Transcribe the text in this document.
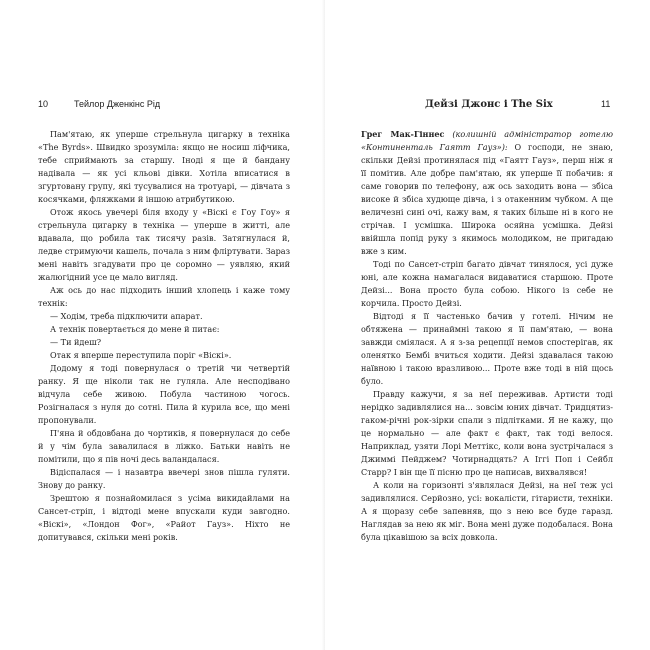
10	Тейлор Дженкінс Рід

Пам'ятаю, як уперше стрельнула цигарку в техніка «The Byrds». Швидко зрозуміла: якщо не носиш ліфчика, тебе сприймають за старшу. Іноді я ще й бандану надівала — як усі кльові дівки. Хотіла вписатися в згуртовану групу, які тусувалися на тротуарі, — дівчата з косячками, фляжками й іншою атрибутикою.

Отож якось увечері біля входу у «Віскі є Гоу Гоу» я стрельнула цигарку в техніка — уперше в житті, але вдавала, що робила так тисячу разів. Затягнулася й, ледве стримуючи кашель, почала з ним фліртувати. Зараз мені навіть згадувати про це соромно — уявляю, який жалюгідний усе це мало вигляд.

Аж ось до нас підходить інший хлопець і каже тому технік:

— Ходім, треба підключити апарат.

А технік повертається до мене й питає:

— Ти йдеш?

Отак я вперше переступила поріг «Віскі».

Додому я тоді повернулася о третій чи четвертій ранку. Я ще ніколи так не гуляла. Але несподівано відчула себе живою. Побула частиною чогось. Розігналася з нуля до сотні. Пила й курила все, що мені пропонували.

П'яна й обдовбана до чортиків, я повернулася до себе й у чім була завалилася в ліжко. Батьки навіть не помітили, що я пів ночі десь валандалася.

Відіспалася — і назавтра ввечері знов пішла гуляти. Знову до ранку.

Зрештою я познайомилася з усіма викидайлами на Сансет-стріп, і відтоді мене впускали куди завгодно. «Віскі», «Лондон Фог», «Райот Гауз». Ніхто не допитувався, скільки мені років.

Дейзі Джонс і The Six	11

Грег Мак-Гіннес (колишній адміністратор готелю «Континенталь Гаятт Гауз»): О господи, не знаю, скільки Дейзі протинялася під «Гаятт Гауз», перш ніж я її помітив. Але добре пам'ятаю, як уперше її побачив: я саме говорив по телефону, аж ось заходить вона — збіса високе й збіса худюще дівча, і з отакенним чубком. А ще величезні сині очі, кажу вам, я таких більше ні в кого не стрічав. І усмішка. Широка осяйна усмішка. Дейзі ввійшла попід руку з якимось молодиком, не пригадаю вже з ким.

Тоді по Сансет-стріп багато дівчат тинялося, усі дуже юні, але кожна намагалася видаватися старшою. Проте Дейзі... Вона просто була собою. Нікого із себе не корчила. Просто Дейзі.

Відтоді я її частенько бачив у готелі. Нічим не обтяжена — принаймні такою я її пам'ятаю, — вона завжди сміялася. А я з-за рецепції немов спостерігав, як оленятко Бембі вчиться ходити. Дейзі здавалася такою наївною і такою вразливою... Проте вже тоді в ній щось було.

Правду кажучи, я за неї переживав. Артисти тоді нерідко задивлялися на... зовсім юних дівчат. Тридцятиз-гаком-річні рок-зірки спали з підлітками. Я не кажу, що це нормально — але факт є факт, так тоді велося. Наприклад, узяти Лорі Меттікс, коли вона зустрічалася з Джиммі Пейджем? Чотирнадцять? А Іггі Поп і Сейбл Старр? І він ще її пісню про це написав, вихвалявся!

А коли на горизонті з'являлася Дейзі, на неї теж усі задивлялися. Серйозно, усі: вокалісти, гітаристи, техніки. А я щоразу себе запевняв, що з нею все буде гаразд. Наглядав за нею як міг. Вона мені дуже подобалася. Вона була цікавішою за всіх довкола.
